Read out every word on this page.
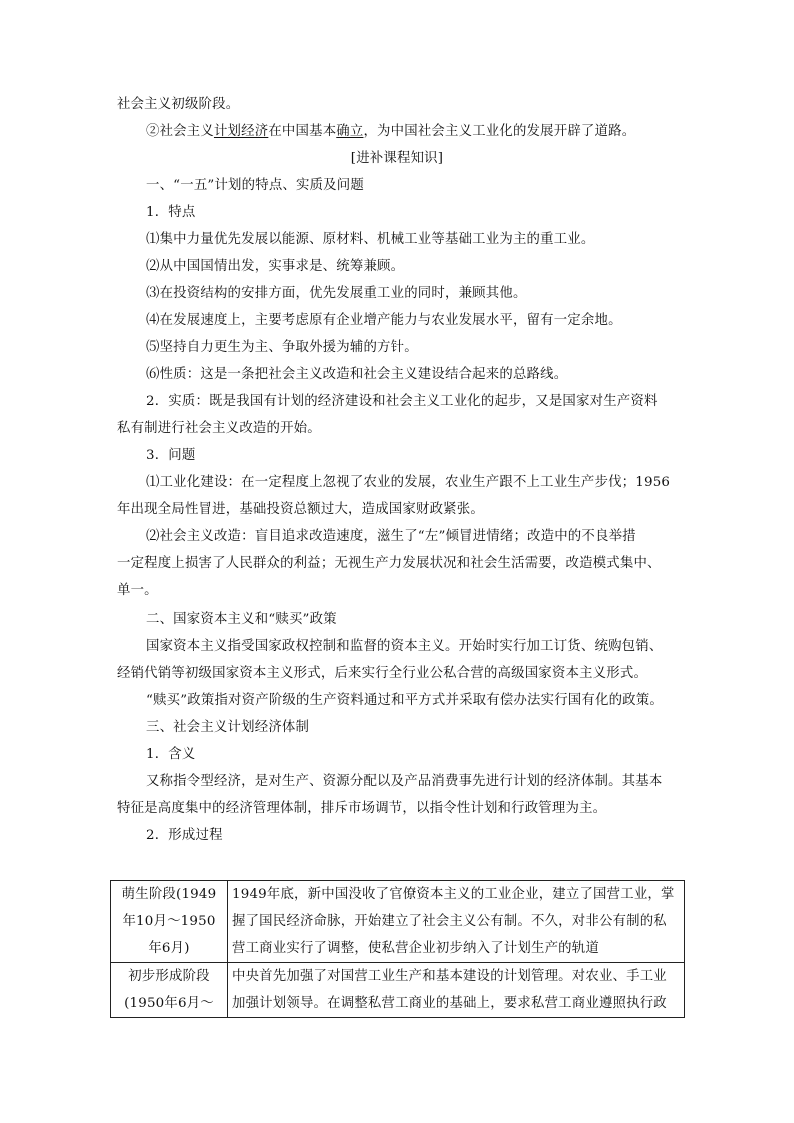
社会主义初级阶段。
②社会主义计划经济在中国基本确立，为中国社会主义工业化的发展开辟了道路。
[进补课程知识]
一、“一五”计划的特点、实质及问题
1．特点
⑴集中力量优先发展以能源、原材料、机械工业等基础工业为主的重工业。
⑵从中国国情出发，实事求是、统筹兼顾。
⑶在投资结构的安排方面，优先发展重工业的同时，兼顾其他。
⑷在发展速度上，主要考虑原有企业增产能力与农业发展水平，留有一定余地。
⑸坚持自力更生为主、争取外援为辅的方针。
⑹性质：这是一条把社会主义改造和社会主义建设结合起来的总路线。
2．实质：既是我国有计划的经济建设和社会主义工业化的起步，又是国家对生产资料
私有制进行社会主义改造的开始。
3．问题
⑴工业化建设：在一定程度上忽视了农业的发展，农业生产跟不上工业生产步伐；1956
年出现全局性冒进，基础投资总额过大，造成国家财政紧张。
⑵社会主义改造：盲目追求改造速度，滋生了“左”倾冒进情绪；改造中的不良举措
一定程度上损害了人民群众的利益；无视生产力发展状况和社会生活需要，改造模式集中、
单一。
二、国家资本主义和“赎买”政策
国家资本主义指受国家政权控制和监督的资本主义。开始时实行加工订货、统购包销、
经销代销等初级国家资本主义形式，后来实行全行业公私合营的高级国家资本主义形式。
“赎买”政策指对资产阶级的生产资料通过和平方式并采取有偿办法实行国有化的政策。
三、社会主义计划经济体制
1．含义
又称指令型经济，是对生产、资源分配以及产品消费事先进行计划的经济体制。其基本
特征是高度集中的经济管理体制，排斥市场调节，以指令性计划和行政管理为主。
2．形成过程
萌生阶段(1949
年10月～1950
年6月)	1949年底，新中国没收了官僚资本主义的工业企业，建立了国营工业，掌
握了国民经济命脉，开始建立了社会主义公有制。不久，对非公有制的私
营工商业实行了调整，使私营企业初步纳入了计划生产的轨道

初步形成阶段
(1950年6月～	中央首先加强了对国营工业生产和基本建设的计划管理。对农业、手工业
加强计划领导。在调整私营工商业的基础上，要求私营工商业遵照执行政
